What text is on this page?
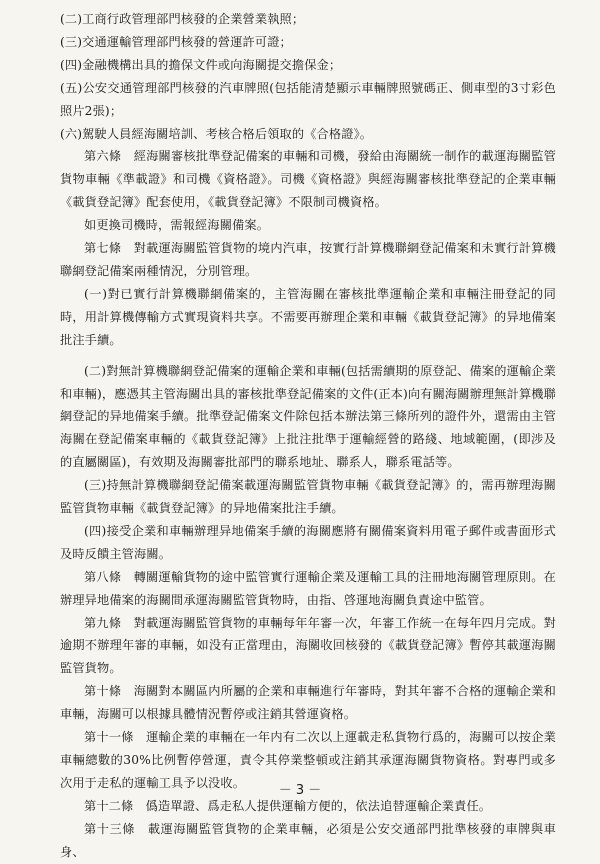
(二)工商行政管理部門核發的企業營業執照；

(三)交通運輸管理部門核發的營運許可證；

(四)金融機構出具的擔保文件或向海關提交擔保金；

(五)公安交通管理部門核發的汽車牌照(包括能清楚顯示車輛牌照號碼正、側車型的3寸彩色照片2張)；

(六)駕駛人員經海關培訓、考核合格后領取的《合格證》。

第六條　經海關審核批準登記備案的車輛和司機，發給由海關統一制作的載運海關監管貨物車輛《準載證》和司機《資格證》。司機《資格證》與經海關審核批準登記的企業車輛《載貨登記簿》配套使用，《載貨登記簿》不限制司機資格。

如更換司機時，需報經海關備案。

第七條　對載運海關監管貨物的境内汽車，按實行計算機聯網登記備案和未實行計算機聯網登記備案兩種情況，分別管理。

(一)對已實行計算機聯網備案的，主管海關在審核批準運輸企業和車輛注冊登記的同時，用計算機傳輸方式實現資料共享。不需要再辦理企業和車輛《載貨登記簿》的异地備案批注手續。

(二)對無計算機聯網登記備案的運輸企業和車輛(包括需續期的原登記、備案的運輸企業和車輛)，應憑其主管海關出具的審核批準登記備案的文件(正本)向有關海關辦理無計算機聯網登記的异地備案手續。批準登記備案文件除包括本辦法第三條所列的證件外，還需由主管海關在登記備案車輛的《載貨登記簿》上批注批準于運輸經營的路綫、地域範圍，(即涉及的直屬關區)，有效期及海關審批部門的聯系地址、聯系人，聯系電話等。

(三)持無計算機聯網登記備案載運海關監管貨物車輛《載貨登記簿》的，需再辦理海關監管貨物車輛《載貨登記簿》的异地備案批注手續。

(四)接受企業和車輛辦理异地備案手續的海關應將有關備案資料用電子郵件或書面形式及時反饋主管海關。

第八條　轉關運輸貨物的途中監管實行運輸企業及運輸工具的注冊地海關管理原則。在辦理异地備案的海關間承運海關監管貨物時，由指、啓運地海關負責途中監管。

第九條　對載運海關監管貨物的車輛每年年審一次，年審工作統一在每年四月完成。對逾期不辦理年審的車輛，如没有正當理由，海關收回核發的《載貨登記簿》暫停其載運海關監管貨物。

第十條　海關對本關區内所屬的企業和車輛進行年審時，對其年審不合格的運輸企業和車輛，海關可以根據具體情況暫停或注銷其營運資格。

第十一條　運輸企業的車輛在一年内有二次以上運載走私貨物行爲的，海關可以按企業車輛總數的30%比例暫停營運，責令其停業整頓或注銷其承運海關貨物資格。對專門或多次用于走私的運輸工具予以没收。

第十二條　僞造單證、爲走私人提供運輸方便的，依法追替運輸企業責任。

第十三條　載運海關監管貨物的企業車輛，必須是公安交通部門批準核發的車牌與車身、

－ 3 －
